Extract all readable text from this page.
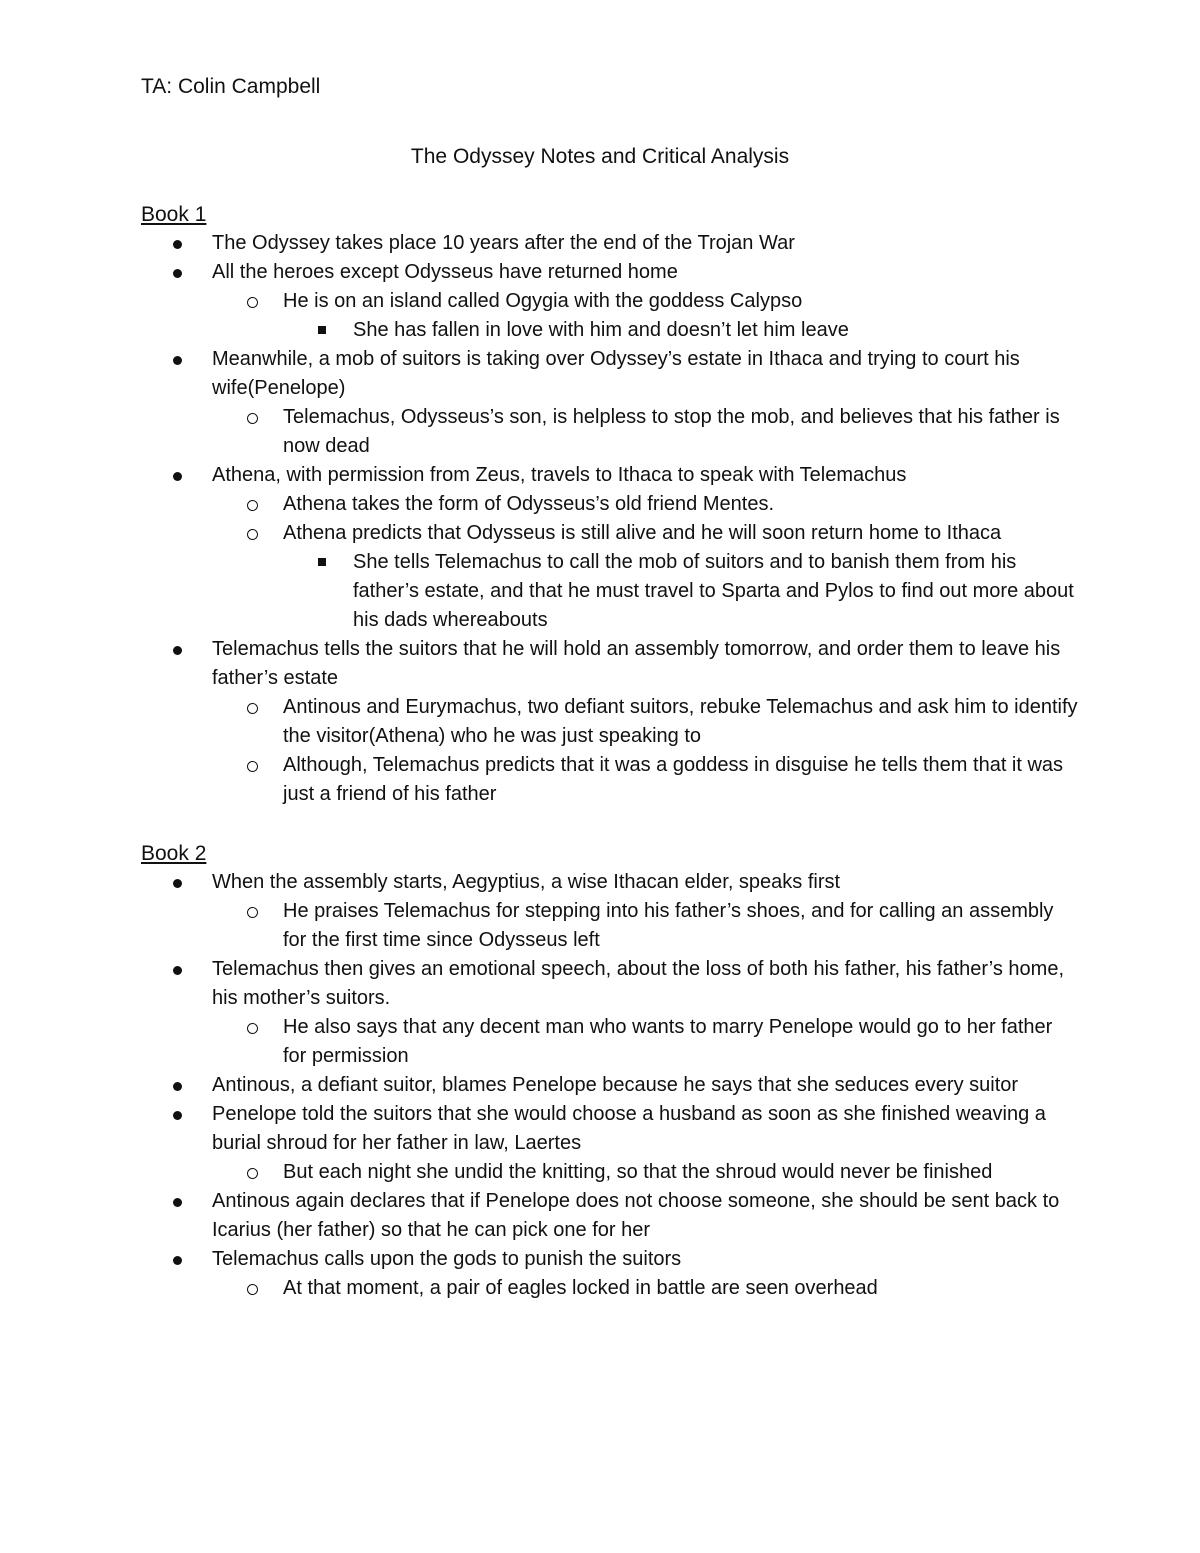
TA: Colin Campbell

The Odyssey Notes and Critical Analysis

Book 1

The Odyssey takes place 10 years after the end of the Trojan War
All the heroes except Odysseus have returned home
He is on an island called Ogygia with the goddess Calypso
She has fallen in love with him and doesn’t let him leave
Meanwhile, a mob of suitors is taking over Odyssey’s estate in Ithaca and trying to court his wife(Penelope)
Telemachus, Odysseus’s son, is helpless to stop the mob, and believes that his father is now dead
Athena, with permission from Zeus, travels to Ithaca to speak with Telemachus
Athena takes the form of Odysseus’s old friend Mentes.
Athena predicts that Odysseus is still alive and he will soon return home to Ithaca
She tells Telemachus to call the mob of suitors and to banish them from his father’s estate, and that he must travel to Sparta and Pylos to find out more about his dads whereabouts
Telemachus tells the suitors that he will hold an assembly tomorrow, and order them to leave his father’s estate
Antinous and Eurymachus, two defiant suitors, rebuke Telemachus and ask him to identify the visitor(Athena) who he was just speaking to
Although, Telemachus predicts that it was a goddess in disguise he tells them that it was just a friend of his father

Book 2

When the assembly starts, Aegyptius, a wise Ithacan elder, speaks first
He praises Telemachus for stepping into his father’s shoes, and for calling an assembly for the first time since Odysseus left
Telemachus then gives an emotional speech, about the loss of both his father, his father’s home, his mother’s suitors.
He also says that any decent man who wants to marry Penelope would go to her father for permission
Antinous, a defiant suitor, blames Penelope because he says that she seduces every suitor
Penelope told the suitors that she would choose a husband as soon as she finished weaving a burial shroud for her father in law, Laertes
But each night she undid the knitting, so that the shroud would never be finished
Antinous again declares that if Penelope does not choose someone, she should be sent back to Icarius (her father) so that he can pick one for her
Telemachus calls upon the gods to punish the suitors
At that moment, a pair of eagles locked in battle are seen overhead
